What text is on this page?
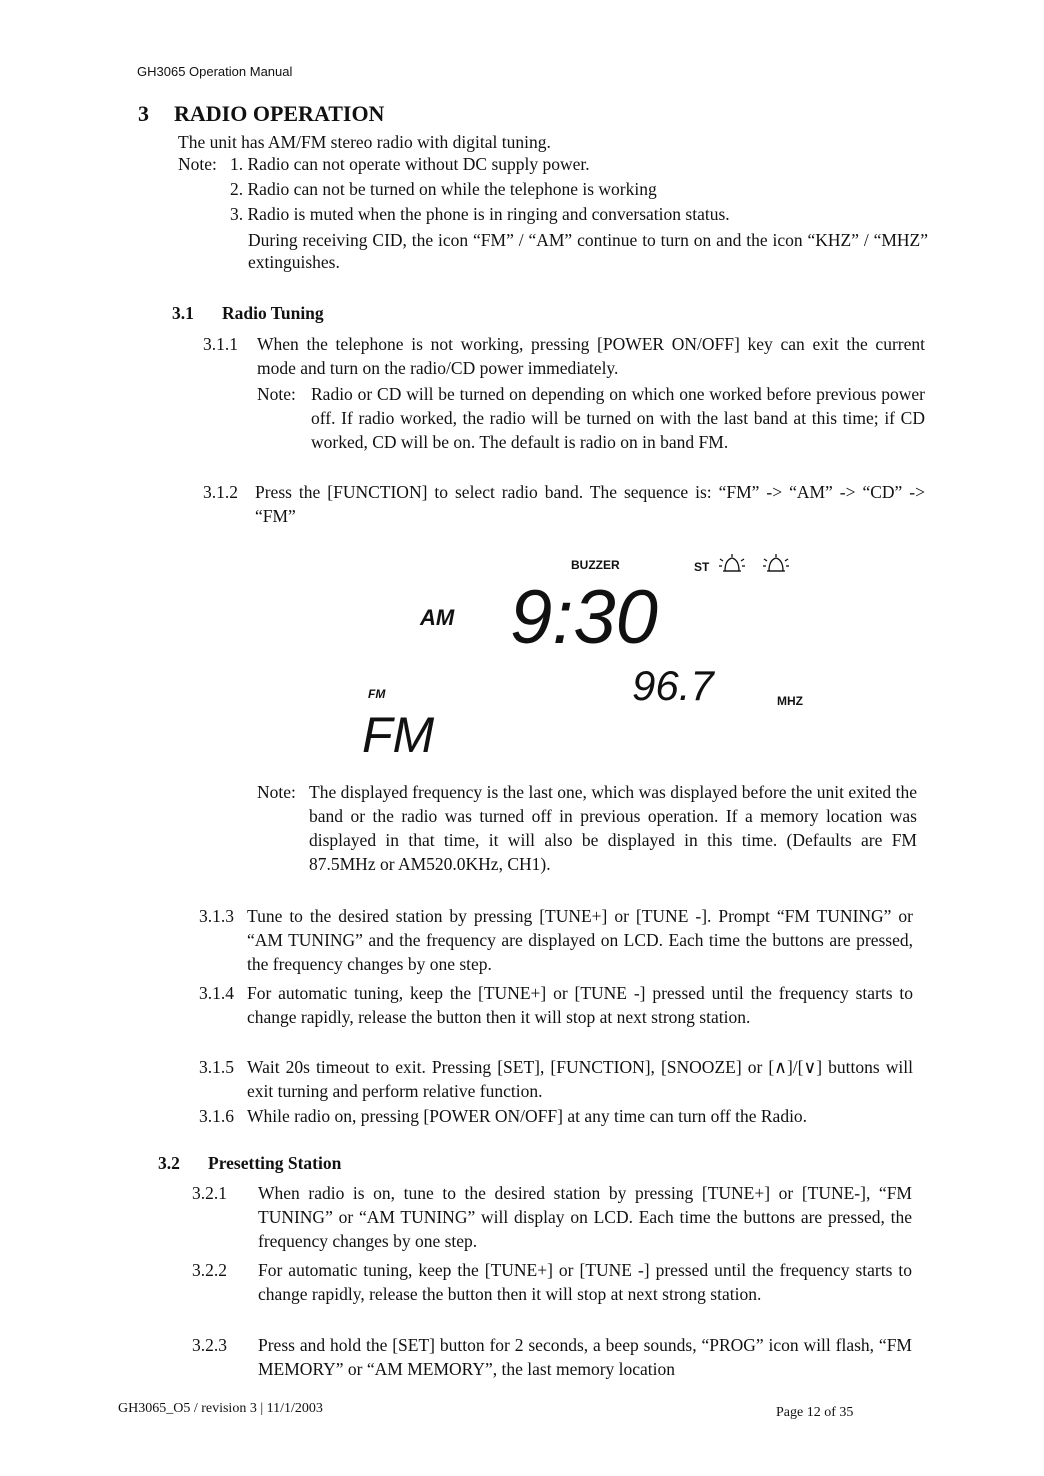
GH3065 Operation Manual
3 RADIO OPERATION

The unit has AM/FM stereo radio with digital tuning.

Note: 1. Radio can not operate without DC supply power.

2. Radio can not be turned on while the telephone is working

3. Radio is muted when the phone is in ringing and conversation status.

During receiving CID, the icon “FM” / “AM” continue to turn on and the icon “KHZ” / “MHZ” extinguishes.

3.1 Radio Tuning
3.1.1	When the telephone is not working, pressing [POWER ON/OFF] key can exit the current mode and turn on the radio/CD power immediately.
Note: Radio or CD will be turned on depending on which one worked before previous power off. If radio worked, the radio will be turned on with the last band at this time; if CD worked, CD will be on. The default is radio on in band FM.
3.1.2 Press the [FUNCTION] to select radio band. The sequence is: “FM” -> “AM” -> “CD” -> “FM”
BUZZER	ST
AM 9:30
FM	96.7	MHZ
FM
Note: The displayed frequency is the last one, which was displayed before the unit exited the band or the radio was turned off in previous operation. If a memory location was displayed in that time, it will also be displayed in this time. (Defaults are FM 87.5MHz or AM520.0KHz, CH1).
3.1.3 Tune to the desired station by pressing [TUNE+] or [TUNE -]. Prompt “FM TUNING” or “AM TUNING” and the frequency are displayed on LCD. Each time the buttons are pressed, the frequency changes by one step.
3.1.4 For automatic tuning, keep the [TUNE+] or [TUNE -] pressed until the frequency starts to change rapidly, release the button then it will stop at next strong station.
3.1.5 Wait 20s timeout to exit. Pressing [SET], [FUNCTION], [SNOOZE] or [∧]/[∨] buttons will exit turning and perform relative function.
3.1.6 While radio on, pressing [POWER ON/OFF] at any time can turn off the Radio.
3.2 Presetting Station
3.2.1	When radio is on, tune to the desired station by pressing [TUNE+] or [TUNE-], “FM TUNING” or “AM TUNING” will display on LCD. Each time the buttons are pressed, the frequency changes by one step.
3.2.2	For automatic tuning, keep the [TUNE+] or [TUNE -] pressed until the frequency starts to change rapidly, release the button then it will stop at next strong station.
3.2.3	Press and hold the [SET] button for 2 seconds, a beep sounds, “PROG” icon will flash, “FM MEMORY” or “AM MEMORY”, the last memory location
GH3065_O5 / revision 3 | 11/1/2003	Page 12 of 35
